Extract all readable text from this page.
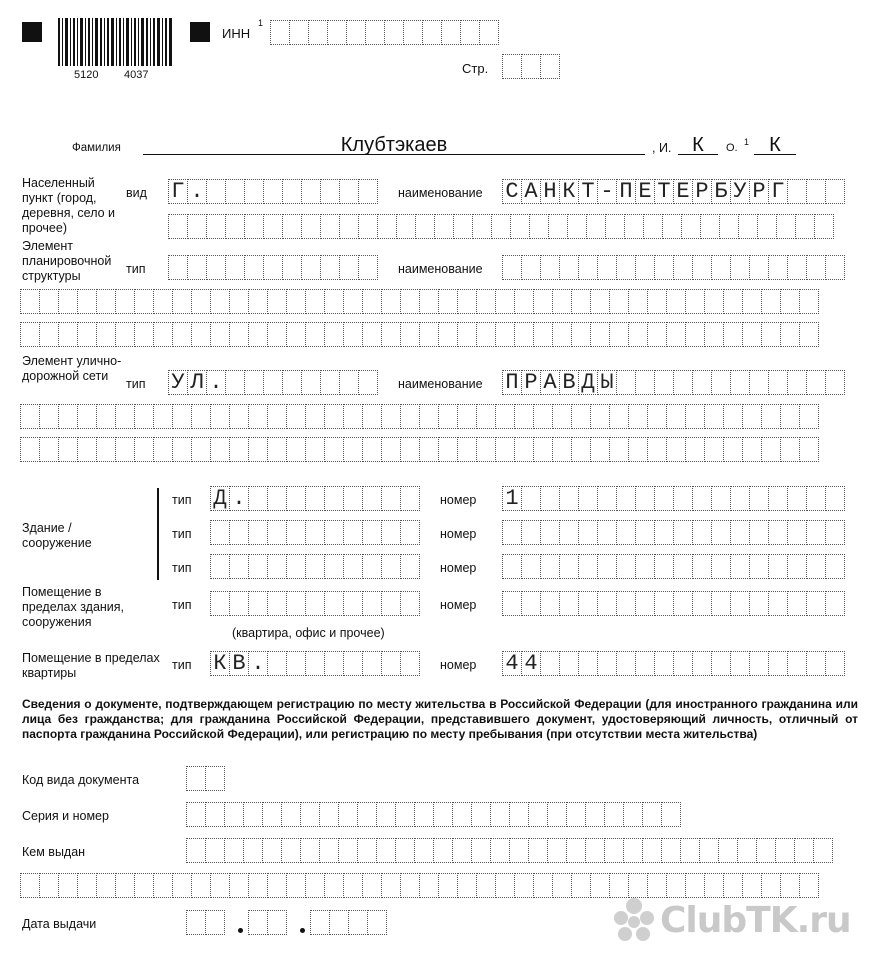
5120 4037
ИНН
1
Стр.
Фамилия	Клубтэкаев	, И.	К	О. 1	К
Населенный пункт (город, деревня, село и прочее)
вид Г .	наименование С А Н К Т - П Е Т Е Р Б У Р Г
Элемент планировочной структуры	тип	наименование
Элемент улично-дорожной сети
тип У Л .	наименование П Р А В Д Ы
Здание / сооружение
тип Д .	номер 1
тип	номер
тип	номер
Помещение в пределах здания, сооружения
тип	номер
(квартира, офис и прочее)
Помещение в пределах квартиры
тип К В .	номер 4 4
Сведения о документе, подтверждающем регистрацию по месту жительства в Российской Федерации (для иностранного гражданина или лица без гражданства; для гражданина Российской Федерации, представившего документ, удостоверяющий личность, отличный от паспорта гражданина Российской Федерации), или регистрацию по месту пребывания (при отсутствии места жительства)
Код вида документа
Серия и номер
Кем выдан
Дата выдачи	ClubTK.ru
